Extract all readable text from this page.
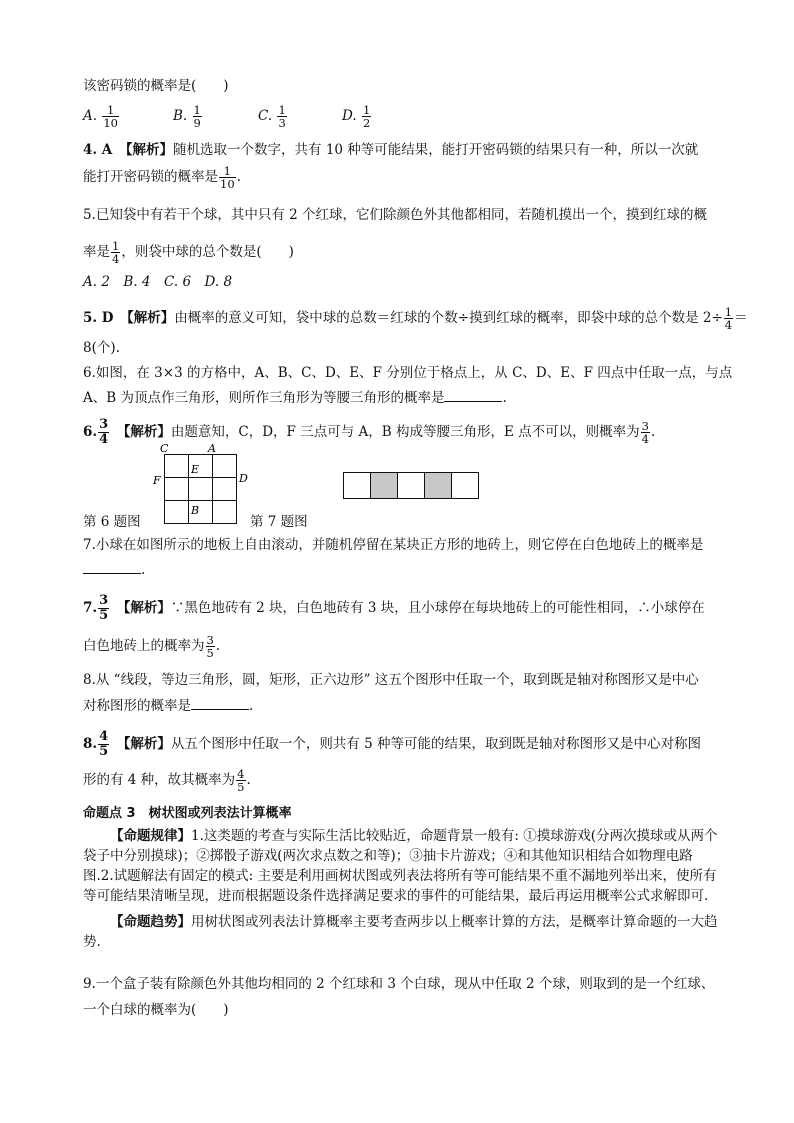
该密码锁的概率是(　　)
A. $\frac{1}{10}$	B. $\frac{1}{9}$	C. $\frac{1}{3}$	D. $\frac{1}{2}$
4. A　 【解析】随机选取一个数字，共有 10 种等可能结果，能打开密码锁的结果只有一种，所以一次就
能打开密码锁的概率是 $\frac{1}{10}$ .
5.已知袋中有若干个球，其中只有 2 个红球，它们除颜色外其他都相同，若随机摸出一个，摸到红球的概
率是 $\frac{1}{4}$ ，则袋中球的总个数是(　　)
A. 2　B. 4　C. 6　D. 8
5. D　 【解析】由概率的意义可知，袋中球的总数＝红球的个数÷摸到红球的概率，即袋中球的总个数是 $2\div \frac{1}{4}$ ＝
8(个).
6.如图，在 3×3 的方格中，A、B、C、D、E、F 分别位于格点上，从 C、D、E、F 四点中任取一点，与点
A、B 为顶点作三角形，则所作三角形为等腰三角形的概率是	.
6. $\frac{3}{4}$
　 【解析】由题意知，C，D，F 三点可与 A，B 构成等腰三角形，E 点不可以，则概率为 $\frac{3}{4}$ .
C	A
E
F	D
B
第 6 题图	第 7 题图
7.小球在如图所示的地板上自由滚动，并随机停留在某块正方形的地砖上，则它停在白色地砖上的概率是
.
7. $\frac{3}{5}$
　 【解析】∵黑色地砖有 2 块，白色地砖有 3 块，且小球停在每块地砖上的可能性相同，∴小球停在
白色地砖上的概率为 $\frac{3}{5}$ .
8.从 “线段，等边三角形，圆，矩形，正六边形” 这五个图形中任取一个，取到既是轴对称图形又是中心
对称图形的概率是	.
8. $\frac{4}{5}$
　 【解析】从五个图形中任取一个，则共有 5 种等可能的结果，取到既是轴对称图形又是中心对称图
形的有 4 种，故其概率为 $\frac{4}{5}$ .
命题点 3　树状图或列表法计算概率
【命题规律】1.这类题的考查与实际生活比较贴近，命题背景一般有: ①摸球游戏(分两次摸球或从两个袋子中分别摸球)；②掷骰子游戏(两次求点数之和等)；③抽卡片游戏；④和其他知识相结合如物理电路图.2.试题解法有固定的模式: 主要是利用画树状图或列表法将所有等可能结果不重不漏地列举出来，使所有等可能结果清晰呈现，进而根据题设条件选择满足要求的事件的可能结果，最后再运用概率公式求解即可.
【命题趋势】用树状图或列表法计算概率主要考查两步以上概率计算的方法，是概率计算命题的一大趋势.
9.一个盒子装有除颜色外其他均相同的 2 个红球和 3 个白球，现从中任取 2 个球，则取到的是一个红球、
一个白球的概率为(　　)
